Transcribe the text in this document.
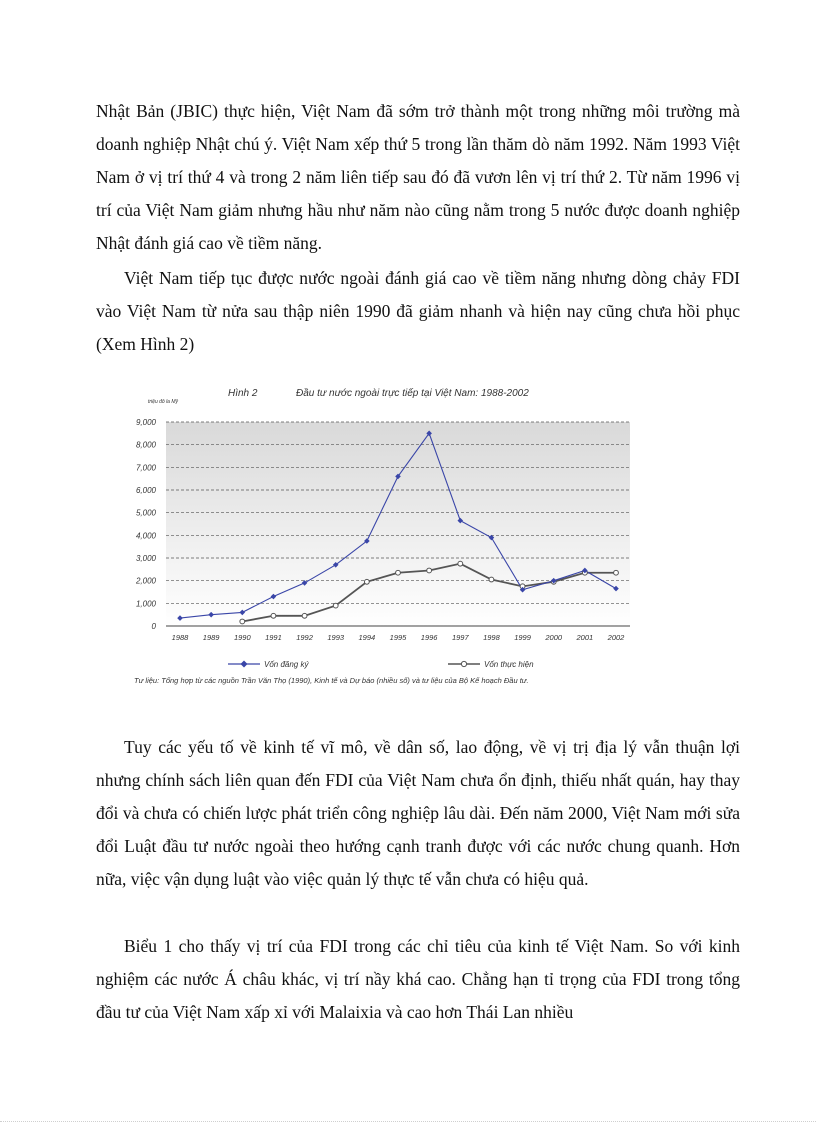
Nhật Bản (JBIC) thực hiện, Việt Nam đã sớm trở thành một trong những môi trường mà doanh nghiệp Nhật chú ý. Việt Nam xếp thứ 5 trong lần thăm dò năm 1992. Năm 1993 Việt Nam ở vị trí thứ 4 và trong 2 năm liên tiếp sau đó đã vươn lên vị trí thứ 2. Từ năm 1996 vị trí của Việt Nam giảm nhưng hầu như năm nào cũng nằm trong 5 nước được doanh nghiệp Nhật đánh giá cao về tiềm năng.

Việt Nam tiếp tục được nước ngoài đánh giá cao về tiềm năng nhưng dòng chảy FDI vào Việt Nam từ nửa sau thập niên 1990 đã giảm nhanh và hiện nay cũng chưa hồi phục (Xem Hình 2)

Hình 2	Đầu tư nước ngoài trực tiếp tại Việt Nam: 1988-2002
triệu đô la Mỹ
0
1,000
2,000
3,000
4,000
5,000
6,000
7,000
8,000
9,000
1988 1989 1990 1991 1992 1993 1994 1995 1996 1997 1998 1999 2000 2001 2002
Vốn đăng ký	Vốn thực hiện
Tư liệu: Tổng hợp từ các nguồn Trần Văn Thọ (1990), Kinh tế và Dự báo (nhiều số) và tư liệu của Bộ Kế hoạch Đầu tư.

Tuy các yếu tố về kinh tế vĩ mô, về dân số, lao động, về vị trị địa lý vẫn thuận lợi nhưng chính sách liên quan đến FDI của Việt Nam chưa ổn định, thiếu nhất quán, hay thay đổi và chưa có chiến lược phát triển công nghiệp lâu dài. Đến năm 2000, Việt Nam mới sửa đổi Luật đầu tư nước ngoài theo hướng cạnh tranh được với các nước chung quanh. Hơn nữa, việc vận dụng luật vào việc quản lý thực tế vẫn chưa có hiệu quả.

Biểu 1 cho thấy vị trí của FDI trong các chỉ tiêu của kinh tế Việt Nam. So với kinh nghiệm các nước Á châu khác, vị trí nầy khá cao. Chẳng hạn tỉ trọng của FDI trong tổng đầu tư của Việt Nam xấp xỉ với Malaixia và cao hơn Thái Lan nhiều
